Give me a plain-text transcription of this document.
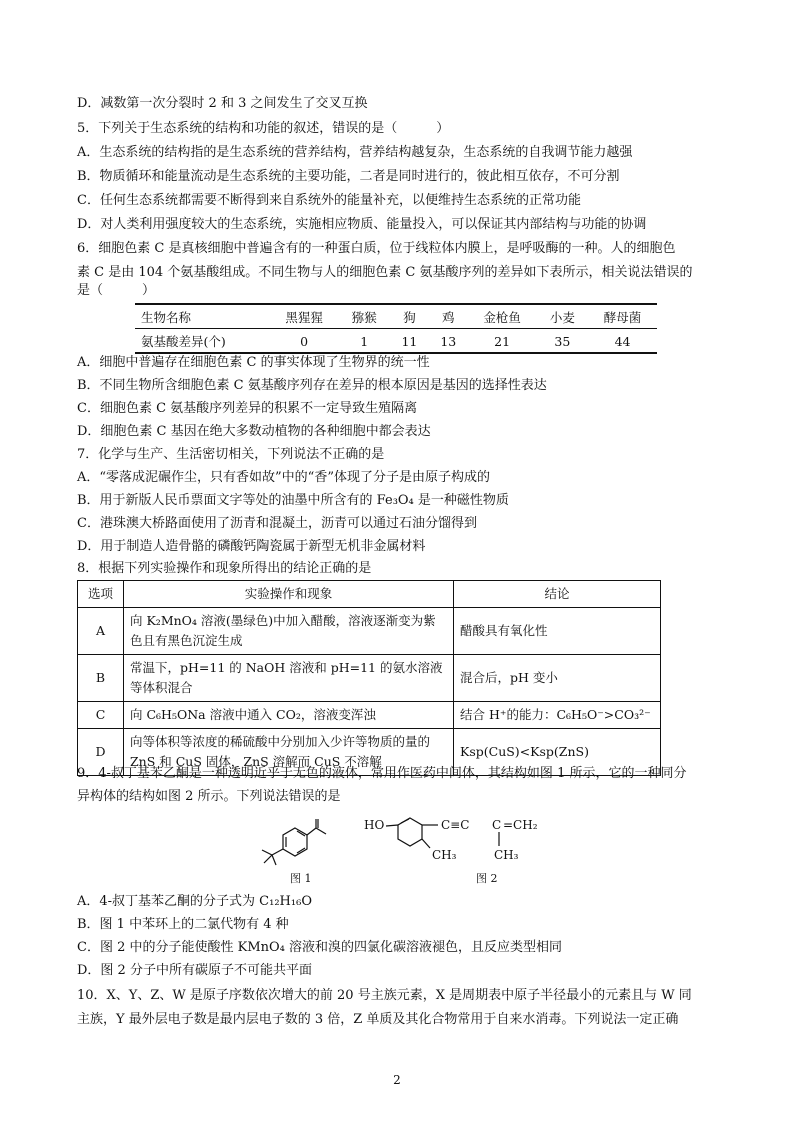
D．减数第一次分裂时 2 和 3 之间发生了交叉互换
5．下列关于生态系统的结构和功能的叙述，错误的是（　　　）
A．生态系统的结构指的是生态系统的营养结构，营养结构越复杂，生态系统的自我调节能力越强
B．物质循环和能量流动是生态系统的主要功能，二者是同时进行的，彼此相互依存，不可分割
C．任何生态系统都需要不断得到来自系统外的能量补充，以便维持生态系统的正常功能
D．对人类利用强度较大的生态系统，实施相应物质、能量投入，可以保证其内部结构与功能的协调
6．细胞色素 C 是真核细胞中普遍含有的一种蛋白质，位于线粒体内膜上，是呼吸酶的一种。人的细胞色
素 C 是由 104 个氨基酸组成。不同生物与人的细胞色素 C 氨基酸序列的差异如下表所示，相关说法错误的
是（　　　）
生物名称	黑猩猩	猕猴	狗	鸡	金枪鱼	小麦	酵母菌
氨基酸差异(个)	0	1	11	13	21	35	44
A．细胞中普遍存在细胞色素 C 的事实体现了生物界的统一性
B．不同生物所含细胞色素 C 氨基酸序列存在差异的根本原因是基因的选择性表达
C．细胞色素 C 氨基酸序列差异的积累不一定导致生殖隔离
D．细胞色素 C 基因在绝大多数动植物的各种细胞中都会表达
7．化学与生产、生活密切相关，下列说法不正确的是
A．“零落成泥碾作尘，只有香如故”中的“香”体现了分子是由原子构成的
B．用于新版人民币票面文字等处的油墨中所含有的 Fe₃O₄ 是一种磁性物质
C．港珠澳大桥路面使用了沥青和混凝土，沥青可以通过石油分馏得到
D．用于制造人造骨骼的磷酸钙陶瓷属于新型无机非金属材料
8．根据下列实验操作和现象所得出的结论正确的是
选项	实验操作和现象	结论
A	向 K₂MnO₄ 溶液(墨绿色)中加入醋酸，溶液逐渐变为紫色且有黑色沉淀生成	醋酸具有氧化性
B	常温下，pH=11 的 NaOH 溶液和 pH=11 的氨水溶液等体积混合	混合后，pH 变小
C	向 C₆H₅ONa 溶液中通入 CO₂，溶液变浑浊	结合 H⁺的能力：C₆H₅O⁻>CO₃²⁻
D	向等体积等浓度的稀硫酸中分别加入少许等物质的量的 ZnS 和 CuS 固体，ZnS 溶解而 CuS 不溶解	Ksp(CuS)<Ksp(ZnS)
9．4-叔丁基苯乙酮是一种透明近乎于无色的液体，常用作医药中间体，其结构如图 1 所示，它的一种同分
异构体的结构如图 2 所示。下列说法错误的是
图 1
HO	C≡C C =CH₂
CH₃	CH₃
图 2
A．4-叔丁基苯乙酮的分子式为 C₁₂H₁₆O
B．图 1 中苯环上的二氯代物有 4 种
C．图 2 中的分子能使酸性 KMnO₄ 溶液和溴的四氯化碳溶液褪色，且反应类型相同
D．图 2 分子中所有碳原子不可能共平面
10．X、Y、Z、W 是原子序数依次增大的前 20 号主族元素，X 是周期表中原子半径最小的元素且与 W 同
主族，Y 最外层电子数是最内层电子数的 3 倍，Z 单质及其化合物常用于自来水消毒。下列说法一定正确
2
